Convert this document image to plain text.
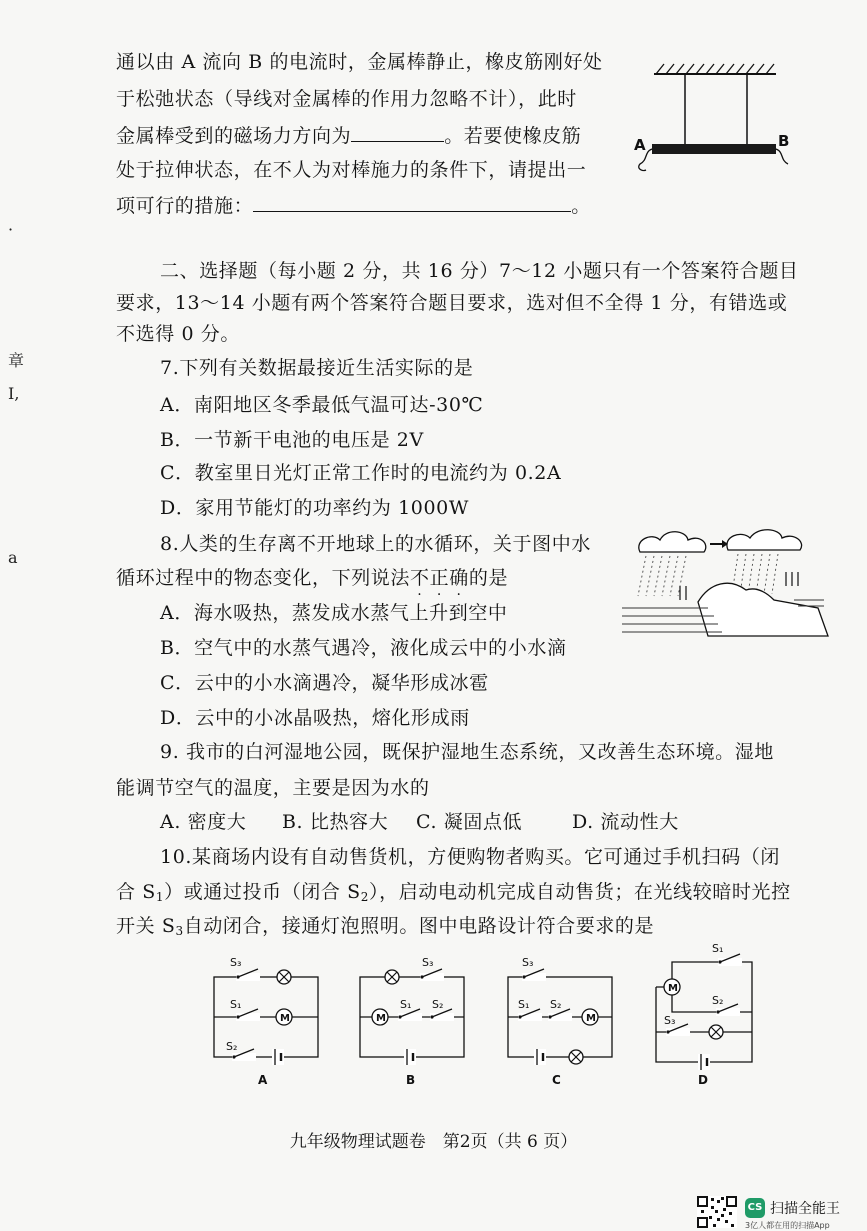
·
章
Ⅰ,
a
通以由 A 流向 B 的电流时，金属棒静止，橡皮筋刚好处
于松弛状态（导线对金属棒的作用力忽略不计），此时
金属棒受到的磁场力方向为	。若要使橡皮筋
处于拉伸状态，在不人为对棒施力的条件下，请提出一
项可行的措施：	。
A	B
二、选择题（每小题 2 分，共 16 分）7～12 小题只有一个答案符合题目
要求，13～14 小题有两个答案符合题目要求，选对但不全得 1 分，有错选或
不选得 0 分。
7.下列有关数据最接近生活实际的是
A．南阳地区冬季最低气温可达-30℃
B．一节新干电池的电压是 2V
C．教室里日光灯正常工作时的电流约为 0.2A
D．家用节能灯的功率约为 1000W
8.人类的生存离不开地球上的水循环，关于图中水
循环过程中的物态变化，下列说法不正确的是
A．海水吸热，蒸发成水蒸气上升到空中
B．空气中的水蒸气遇冷，液化成云中的小水滴
C．云中的小水滴遇冷，凝华形成冰雹
D．云中的小冰晶吸热，熔化形成雨
9. 我市的白河湿地公园，既保护湿地生态系统，又改善生态环境。湿地
能调节空气的温度，主要是因为水的
A. 密度大 B. 比热容大 C. 凝固点低	D. 流动性大
10.某商场内设有自动售货机，方便购物者购买。它可通过手机扫码（闭
合 $S_1$）或通过投币（闭合 $S_2$），启动电动机完成自动售货；在光线较暗时光控
开关 $S_3$自动闭合，接通灯泡照明。图中电路设计符合要求的是
S₃
S₁
S₂
M
A
S₃
S₁ S₂
M
B
S₃
S₁ S₂
M
C
S₁
S₂
S₃
M
D
九年级物理试题卷　第2页（共 6 页）
CS 扫描全能王
3亿人都在用的扫描App
